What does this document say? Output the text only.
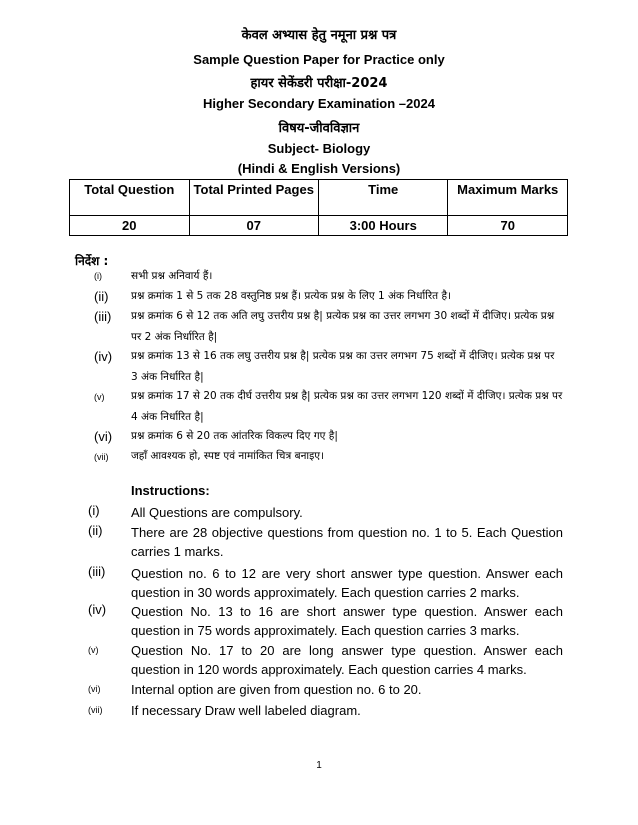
केवल अभ्यास हेतु नमूना प्रश्न पत्र
Sample Question Paper for Practice only
हायर सेकेंडरी परीक्षा-2024
Higher Secondary Examination –2024
विषय-जीवविज्ञान
Subject- Biology
(Hindi & English Versions)
Total Question	Total Printed Pages	Time	Maximum Marks
20	07	3:00 Hours	70
निर्देश :
(i)	सभी प्रश्न अनिवार्य हैं।
(ii) प्रश्न क्रमांक 1 से 5 तक 28 वस्तुनिष्ठ प्रश्न हैं। प्रत्येक प्रश्न के लिए 1 अंक निर्धारित है।
(iii) प्रश्न क्रमांक 6 से 12 तक अति लघु उत्तरीय प्रश्न है| प्रत्येक प्रश्न का उत्तर लगभग 30 शब्दों में दीजिए। प्रत्येक प्रश्न पर 2 अंक निर्धारित है|
(iv) प्रश्न क्रमांक 13 से 16 तक लघु उत्तरीय प्रश्न है| प्रत्येक प्रश्न का उत्तर लगभग 75 शब्दों में दीजिए। प्रत्येक प्रश्न पर 3 अंक निर्धारित है|
(v)	प्रश्न क्रमांक 17 से 20 तक दीर्घ उत्तरीय प्रश्न है| प्रत्येक प्रश्न का उत्तर लगभग 120 शब्दों में दीजिए। प्रत्येक प्रश्न पर 4 अंक निर्धारित है|
(vi) प्रश्न क्रमांक 6 से 20 तक आंतरिक विकल्प दिए गए है|
(vii) जहाँ आवश्यक हो, स्पष्ट एवं नामांकित चित्र बनाइए।
Instructions:
(i) All Questions are compulsory.
(ii) There are 28 objective questions from question no. 1 to 5. Each Question carries 1 marks.
(iii) Question no. 6 to 12 are very short answer type question. Answer each question in 30 words approximately. Each question carries 2 marks.
(iv) Question No. 13 to 16 are short answer type question. Answer each question in 75 words approximately. Each question carries 3 marks.
(v)	Question No. 17 to 20 are long answer type question. Answer each question in 120 words approximately. Each question carries 4 marks.
(vi) Internal option are given from question no. 6 to 20.
(vii) If necessary Draw well labeled diagram.
1
